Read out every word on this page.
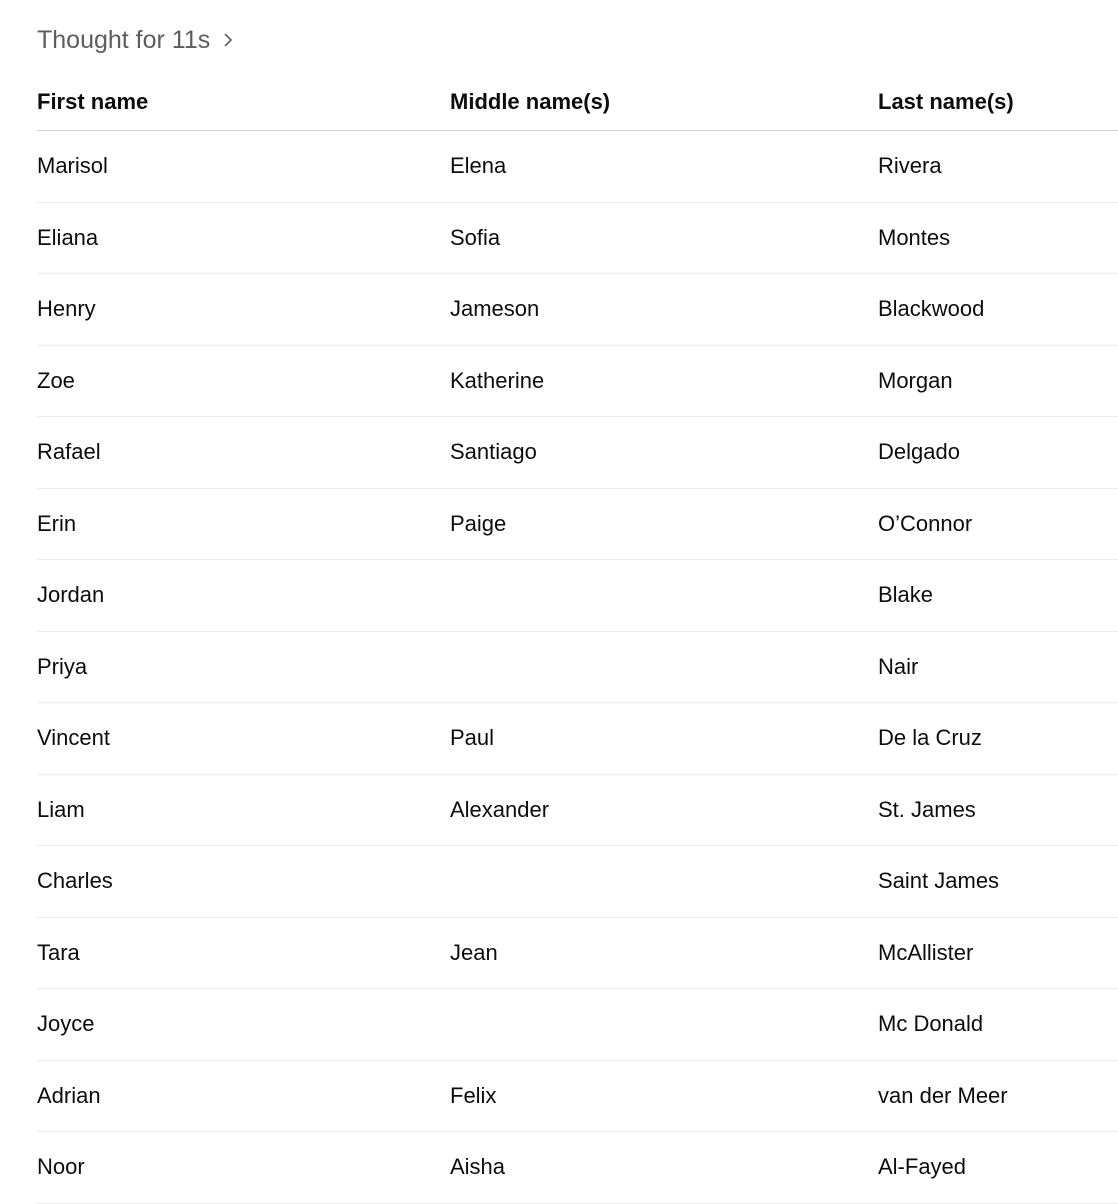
Thought for 11s
First name	Middle name(s)	Last name(s)
Marisol	Elena	Rivera
Eliana	Sofia	Montes
Henry	Jameson	Blackwood
Zoe	Katherine	Morgan
Rafael	Santiago	Delgado
Erin	Paige	O’Connor
Jordan		Blake
Priya		Nair
Vincent	Paul	De la Cruz
Liam	Alexander	St. James
Charles		Saint James
Tara	Jean	McAllister
Joyce		Mc Donald
Adrian	Felix	van der Meer
Noor	Aisha	Al-Fayed
